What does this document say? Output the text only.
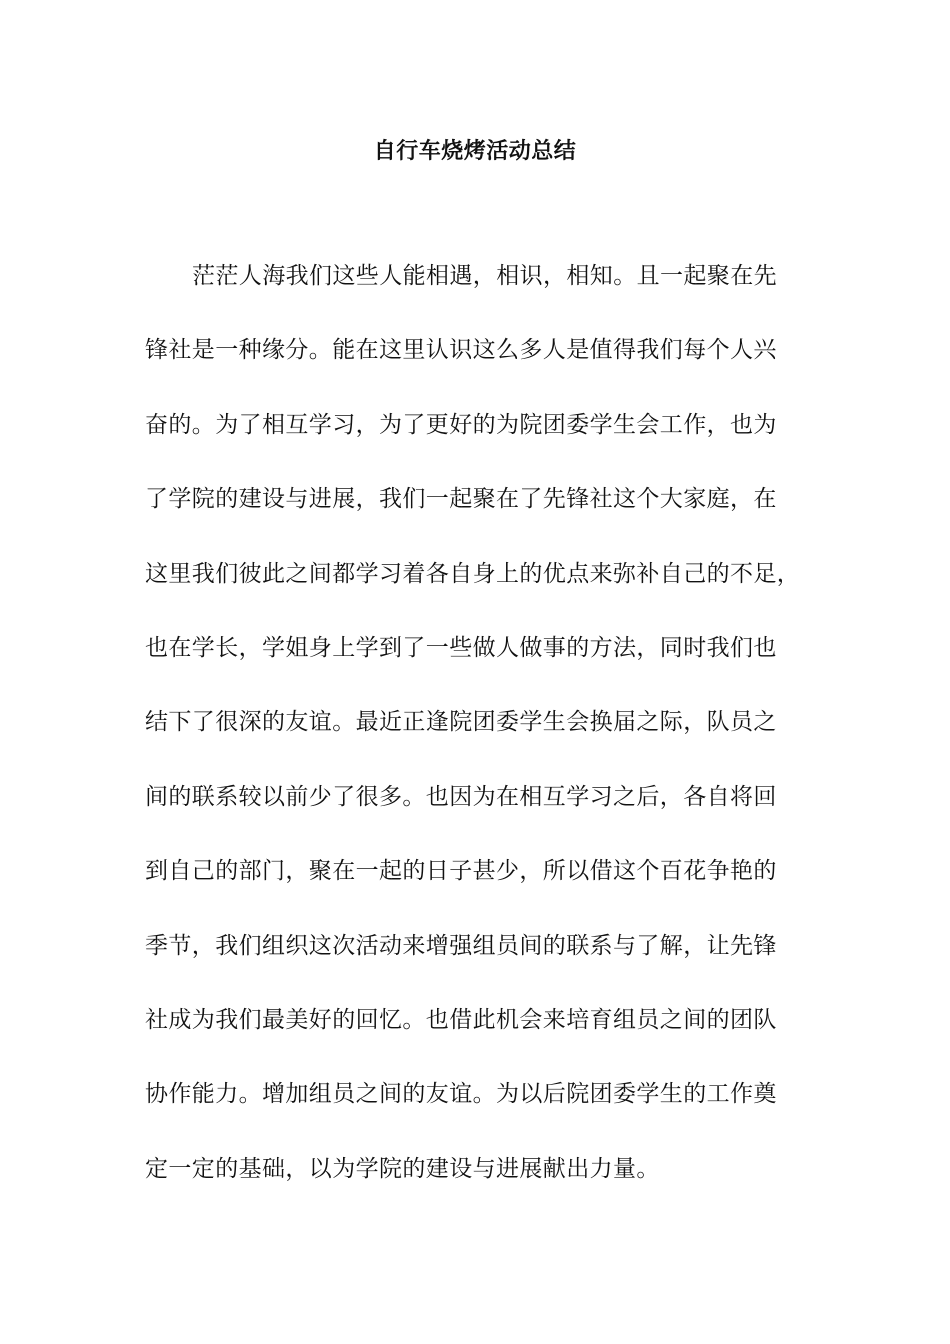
自行车烧烤活动总结
茫茫人海我们这些人能相遇，相识，相知。且一起聚在先
锋社是一种缘分。能在这里认识这么多人是值得我们每个人兴
奋的。为了相互学习，为了更好的为院团委学生会工作，也为
了学院的建设与进展，我们一起聚在了先锋社这个大家庭，在
这里我们彼此之间都学习着各自身上的优点来弥补自己的不足，
也在学长，学姐身上学到了一些做人做事的方法，同时我们也
结下了很深的友谊。最近正逢院团委学生会换届之际，队员之
间的联系较以前少了很多。也因为在相互学习之后，各自将回
到自己的部门，聚在一起的日子甚少，所以借这个百花争艳的
季节，我们组织这次活动来增强组员间的联系与了解，让先锋
社成为我们最美好的回忆。也借此机会来培育组员之间的团队
协作能力。增加组员之间的友谊。为以后院团委学生的工作奠
定一定的基础，以为学院的建设与进展献出力量。
